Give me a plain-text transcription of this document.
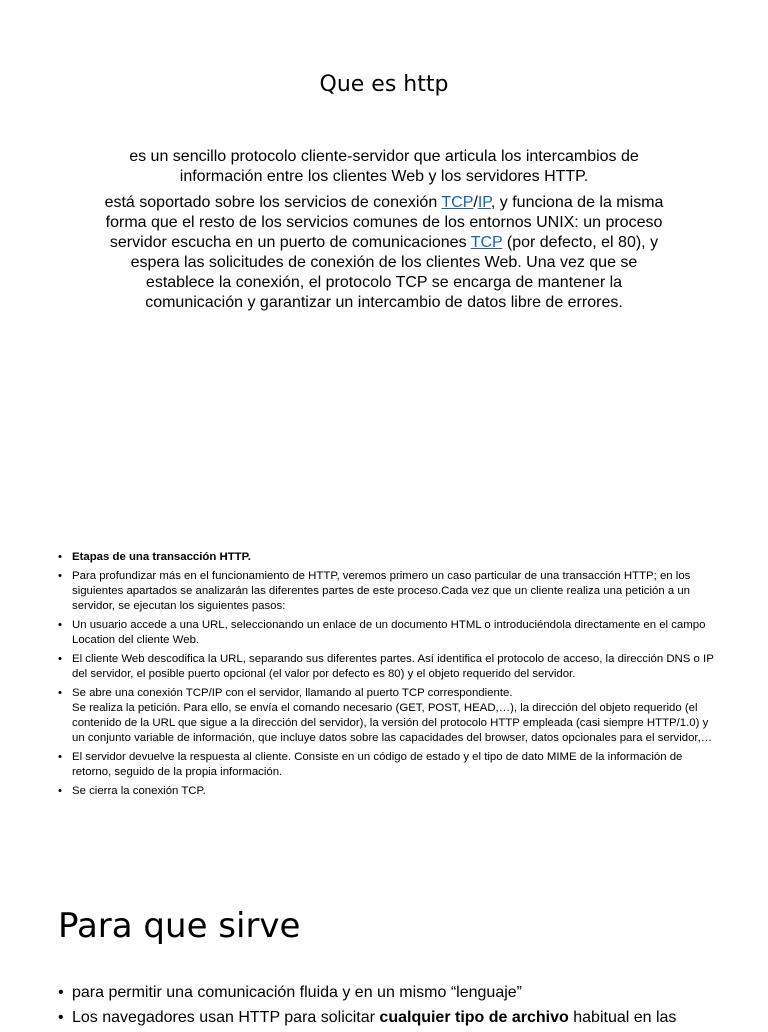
Que es http

es un sencillo protocolo cliente-servidor que articula los intercambios de información entre los clientes Web y los servidores HTTP.

está soportado sobre los servicios de conexión TCP/IP, y funciona de la misma forma que el resto de los servicios comunes de los entornos UNIX: un proceso servidor escucha en un puerto de comunicaciones TCP (por defecto, el 80), y espera las solicitudes de conexión de los clientes Web. Una vez que se establece la conexión, el protocolo TCP se encarga de mantener la comunicación y garantizar un intercambio de datos libre de errores.

• Etapas de una transacción HTTP.
• Para profundizar más en el funcionamiento de HTTP, veremos primero un caso particular de una transacción HTTP; en los siguientes apartados se analizarán las diferentes partes de este proceso.Cada vez que un cliente realiza una petición a un servidor, se ejecutan los siguientes pasos:
• Un usuario accede a una URL, seleccionando un enlace de un documento HTML o introduciéndola directamente en el campo Location del cliente Web.
• El cliente Web descodifica la URL, separando sus diferentes partes. Así identifica el protocolo de acceso, la dirección DNS o IP del servidor, el posible puerto opcional (el valor por defecto es 80) y el objeto requerido del servidor.
• Se abre una conexión TCP/IP con el servidor, llamando al puerto TCP correspondiente.
Se realiza la petición. Para ello, se envía el comando necesario (GET, POST, HEAD,…), la dirección del objeto requerido (el contenido de la URL que sigue a la dirección del servidor), la versión del protocolo HTTP empleada (casi siempre HTTP/1.0) y un conjunto variable de información, que incluye datos sobre las capacidades del browser, datos opcionales para el servidor,…
• El servidor devuelve la respuesta al cliente. Consiste en un código de estado y el tipo de dato MIME de la información de retorno, seguido de la propia información.
• Se cierra la conexión TCP.
Para que sirve
• para permitir una comunicación fluida y en un mismo “lenguaje”
• Los navegadores usan HTTP para solicitar cualquier tipo de archivo habitual en las
